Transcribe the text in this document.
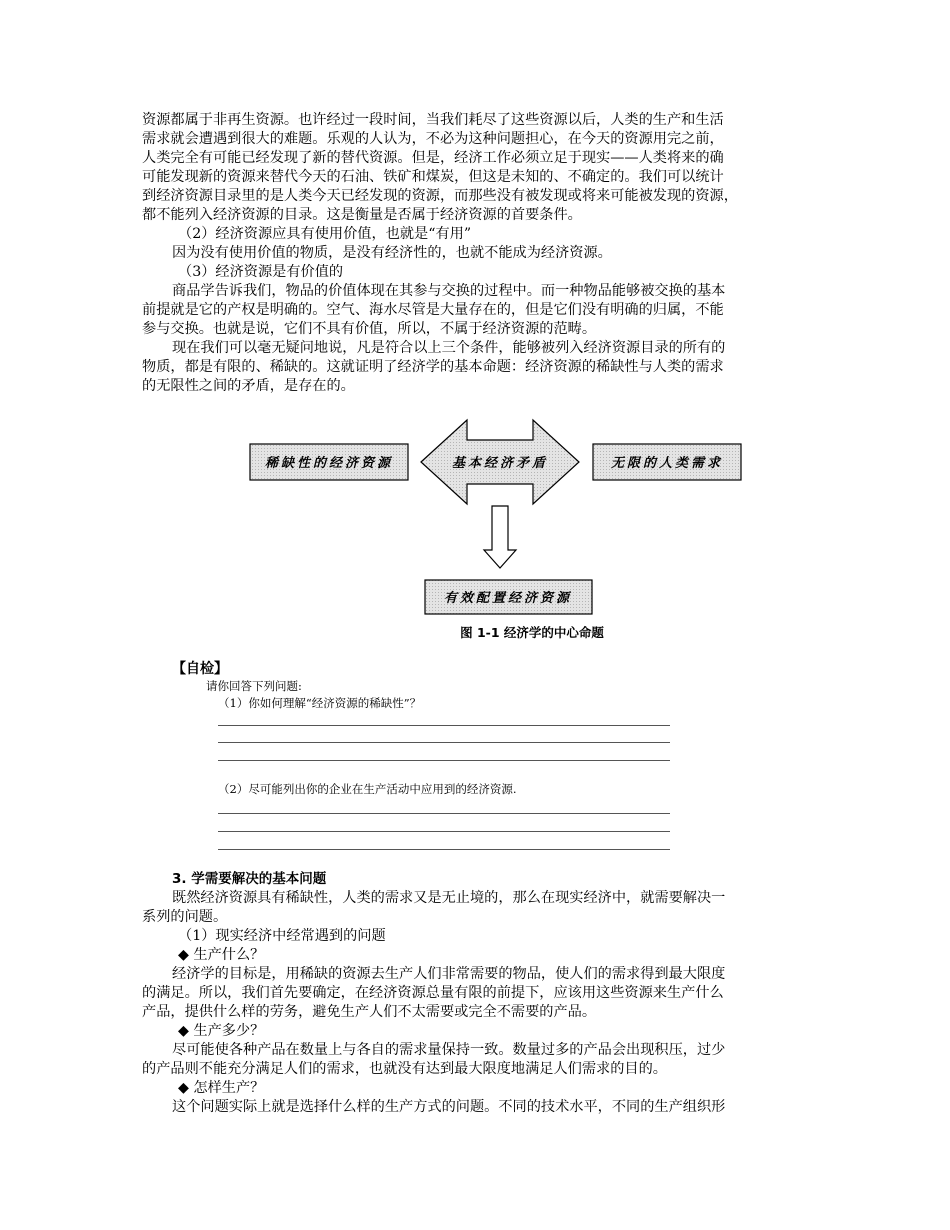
资源都属于非再生资源。也许经过一段时间，当我们耗尽了这些资源以后，人类的生产和生活

需求就会遭遇到很大的难题。乐观的人认为，不必为这种问题担心，在今天的资源用完之前，

人类完全有可能已经发现了新的替代资源。但是，经济工作必须立足于现实——人类将来的确

可能发现新的资源来替代今天的石油、铁矿和煤炭，但这是未知的、不确定的。我们可以统计

到经济资源目录里的是人类今天已经发现的资源，而那些没有被发现或将来可能被发现的资源，

都不能列入经济资源的目录。这是衡量是否属于经济资源的首要条件。

（2）经济资源应具有使用价值，也就是“有用”

因为没有使用价值的物质，是没有经济性的，也就不能成为经济资源。

（3）经济资源是有价值的

商品学告诉我们，物品的价值体现在其参与交换的过程中。而一种物品能够被交换的基本

前提就是它的产权是明确的。空气、海水尽管是大量存在的，但是它们没有明确的归属，不能

参与交换。也就是说，它们不具有价值，所以，不属于经济资源的范畴。

现在我们可以毫无疑问地说，凡是符合以上三个条件，能够被列入经济资源目录的所有的

物质，都是有限的、稀缺的。这就证明了经济学的基本命题：经济资源的稀缺性与人类的需求

的无限性之间的矛盾，是存在的。

稀缺性的经济资源	基本经济矛盾	无限的人类需求
有效配置经济资源
图 1-1 经济学的中心命题
【自检】
请你回答下列问题:
（1）你如何理解“经济资源的稀缺性”？
（2）尽可能列出你的企业在生产活动中应用到的经济资源.

3. 学需要解决的基本问题

既然经济资源具有稀缺性，人类的需求又是无止境的，那么在现实经济中，就需要解决一

系列的问题。

（1）现实经济中经常遇到的问题

◆ 生产什么？

经济学的目标是，用稀缺的资源去生产人们非常需要的物品，使人们的需求得到最大限度

的满足。所以，我们首先要确定，在经济资源总量有限的前提下，应该用这些资源来生产什么

产品，提供什么样的劳务，避免生产人们不太需要或完全不需要的产品。

◆ 生产多少？

尽可能使各种产品在数量上与各自的需求量保持一致。数量过多的产品会出现积压，过少

的产品则不能充分满足人们的需求，也就没有达到最大限度地满足人们需求的目的。

◆ 怎样生产？

这个问题实际上就是选择什么样的生产方式的问题。不同的技术水平，不同的生产组织形
